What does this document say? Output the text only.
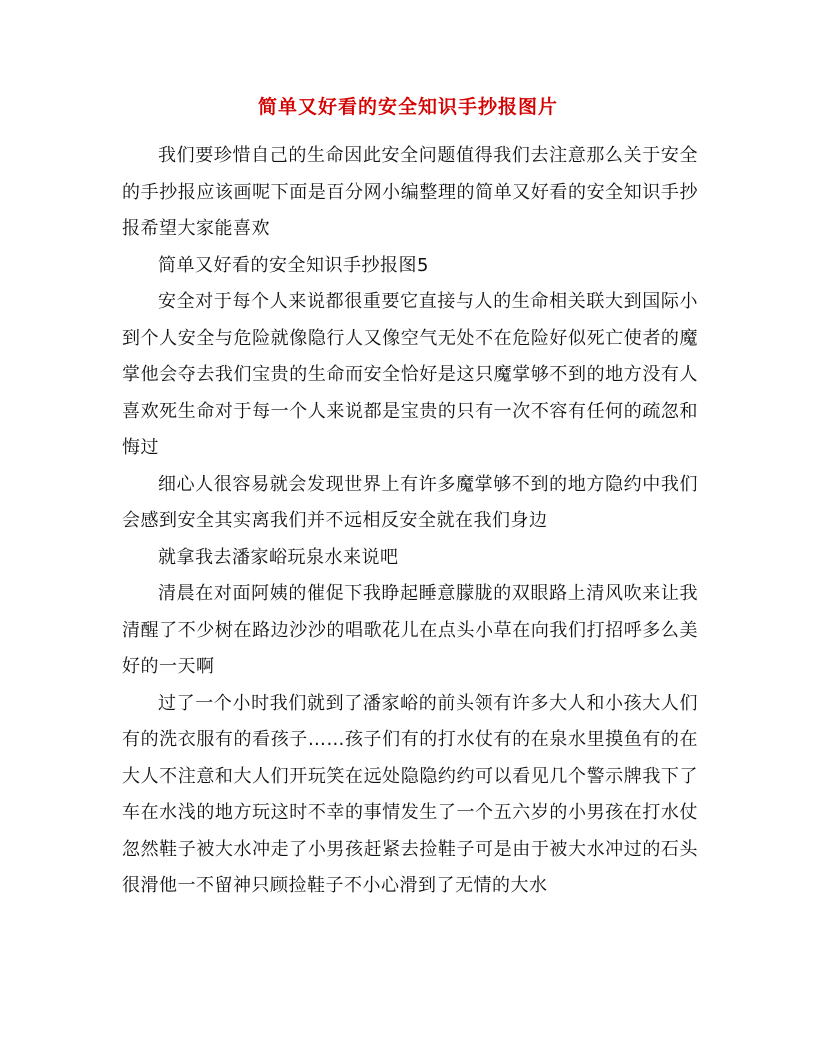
简单又好看的安全知识手抄报图片

我们要珍惜自己的生命因此安全问题值得我们去注意那么关于安全的手抄报应该画呢下面是百分网小编整理的简单又好看的安全知识手抄报希望大家能喜欢

简单又好看的安全知识手抄报图5

安全对于每个人来说都很重要它直接与人的生命相关联大到国际小到个人安全与危险就像隐行人又像空气无处不在危险好似死亡使者的魔掌他会夺去我们宝贵的生命而安全恰好是这只魔掌够不到的地方没有人喜欢死生命对于每一个人来说都是宝贵的只有一次不容有任何的疏忽和悔过

细心人很容易就会发现世界上有许多魔掌够不到的地方隐约中我们会感到安全其实离我们并不远相反安全就在我们身边

就拿我去潘家峪玩泉水来说吧

清晨在对面阿姨的催促下我睁起睡意朦胧的双眼路上清风吹来让我清醒了不少树在路边沙沙的唱歌花儿在点头小草在向我们打招呼多么美好的一天啊

过了一个小时我们就到了潘家峪的前头领有许多大人和小孩大人们有的洗衣服有的看孩子……孩子们有的打水仗有的在泉水里摸鱼有的在大人不注意和大人们开玩笑在远处隐隐约约可以看见几个警示牌我下了车在水浅的地方玩这时不幸的事情发生了一个五六岁的小男孩在打水仗忽然鞋子被大水冲走了小男孩赶紧去捡鞋子可是由于被大水冲过的石头很滑他一不留神只顾捡鞋子不小心滑到了无情的大水
